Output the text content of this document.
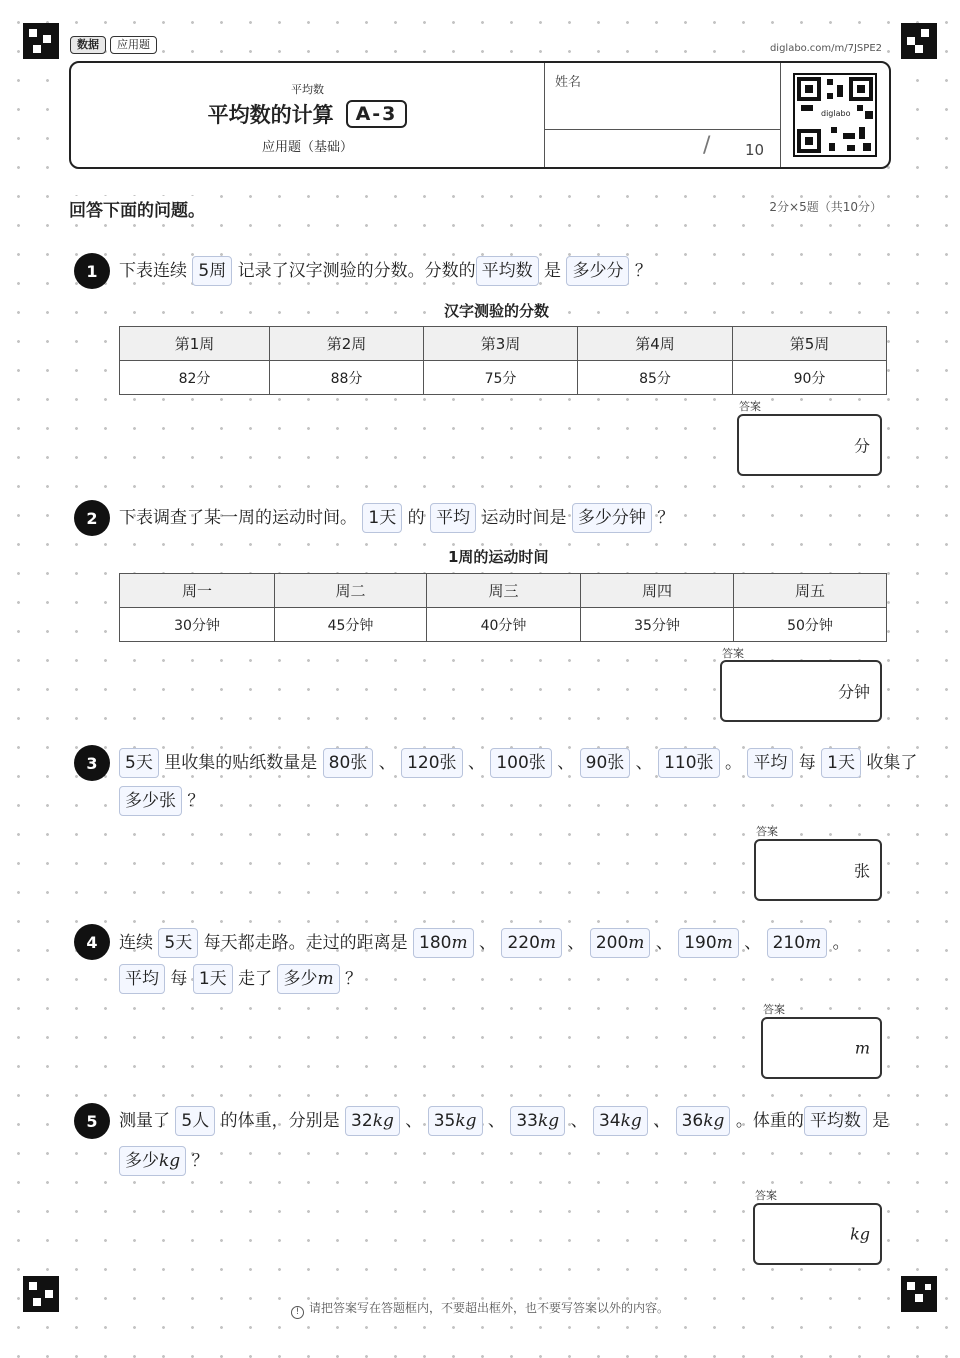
数据	应用题	diglabo.com/m/7JSPE2
平均数
平均数的计算	A-3
应用题（基础）
姓名
/ 10
diglabo
回答下面的问题。	2分×5题（共10分）
1	下表连续 5周 记录了汉字测验的分数。分数的 平均数 是 多少分 ？
汉字测验的分数
第1周	第2周	第3周	第4周	第5周
82分	88分	75分	85分	90分
答案
分
2	下表调查了某一周的运动时间。 1天 的 平均 运动时间是 多少分钟 ？
1周的运动时间
周一	周二	周三	周四	周五
30分钟	45分钟	40分钟	35分钟	50分钟
答案
分钟
3	5天 里收集的贴纸数量是 80张 、 120张 、 100张 、 90张 、 110张 。 平均 每 1天 收集了
多少张 ？
答案
张
4	连续 5天 每天都走路。走过的距离是 180m 、 220m 、 200m 、 190m 、 210m 。
平均 每 1天 走了 多少m ？
答案
m
5	测量了 5人 的体重，分别是 32kg 、 35kg 、 33kg 、 34kg 、 36kg 。体重的 平均数 是
多少kg ？
答案
kg
! 请把答案写在答题框内，不要超出框外，也不要写答案以外的内容。
